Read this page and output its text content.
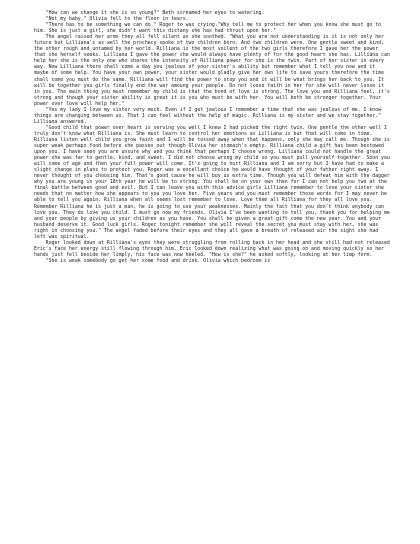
"How can we change it she is so young?" Beth screamed her eyes to watering.

"Not my baby." Olivia fell to the floor in tears.

"There has to be something we can do." Roger to was crying."Why tell me to protect her when you know she must go to him. She is just a girl, she didn't want this distany she has had thrust upon her."

The angel raised her arms they all fell silent as she soothed. "What you are not understanding is it is not only her future but Lilliana's as well the prochecy spoke of two children born. And two children were. One gentle sweet and kind, the other rough and untamed by her world. Rilliana is the most voilent of the two girls therefore I gave her the power that she herself seeks. Lilliana I gave the power she would always have plenty of for the good heart she has. Lilliana can help her she is the only one who shares the intensity of Rilliana power for she is the twin. Part of her sister in every way. Now Lilliana there shall come a day you jealous of your sister's ability but remember what I tell you now and it maybe of some help. You have your own power, your sister would gladly give her own life to save yours therefore the time shall come you must do the same. Rilliana will find the power to stop you and it will be what brings her back to you. It will be together you girls finally end the war amoung your people. Do not loose faith in her for she will never loose it in you. The main thing you must remember my child is that the bond of love is strong. The love you and Rilliana feel, it's strong and though your sister ability is great it is you who must be with her. You will both be stronger together. Your power over love will help her."

"Yes my lady I love my sister very much. Even if I get jealous I remember a time that she was jealous of me. I know things are changing between us. That I can feel without the help of magic. Rilliana is my sister and we stay together." Lilliana answered.

"Good child that power over heart is serving you well I knew I had picked the right twin. One gentle the other well I truly don't know what Rilliana is. She must learn to control her emotions as Lilliana is but that will come in time. Rilliana listen well child you grow faint and I will be tossed away when that happens, only she may call me. Though she is super weak perhaps food before she passes out though Olivia her stomach's empty. Rilliana child a gift has been bestowed upon you. I have seen you are unsure why and you think that perhaps I choose wrong. Lilliana could not handle the great power she was far to gentle, kind, and sweet. I did not choose wrong my child so you must pull yourself together. Soon you will come of age and then your full power will come. It's going to hurt Rilliana and I am sorry but I have had to make a slight change in plans to protect you. Roger was a excellant choice he would have thought of your father right away. I never thought of you choosing him. That's good cause he will buy us extra time. Though you will defeat him with the dagger why you are young in your 18th year he will be to strong. You shall be on your own then for I can not help you two at the final battle between good and evil. But I can leave you with this advice girls Lilliana remember to love your sister she needs that no matter how she appears to you you love her. Five years and you must remember those words for I may never be able to tell you again. Rilliana when all seems lost remember to love. Love them all Rilliana for they all love you. Remember Rilliana he is just a man, he is going to use your weaknesses. Mainly the fact that you don't think anybody can love you. They do love you child. I must go now my friends. Olivia I've been wanting to tell you, thank you for helping me and your people by giving us your children as you have. You shall be given a great gift come the new year. You and your husband deserve it. Good luck girls. Roger tonight remember she will reveal the secret you must stay with her, she was right in choosing you." The angel faded before their eyes and they all gave a breath of released air the sight she had left was spiritual.

Roger looked down at Rilliana's eyes they were struggling from rolling back in her head and she still had not released Eric's face her energy still flowing through him. Eric looked down realizing what was going on and moving quickly so her hands just fell beside her limply, his face was now heeled. "How is she?" he asked softly, looking at her limp form.

"She is weak somebody go get her some food and drink. Olivia which bedroom is
